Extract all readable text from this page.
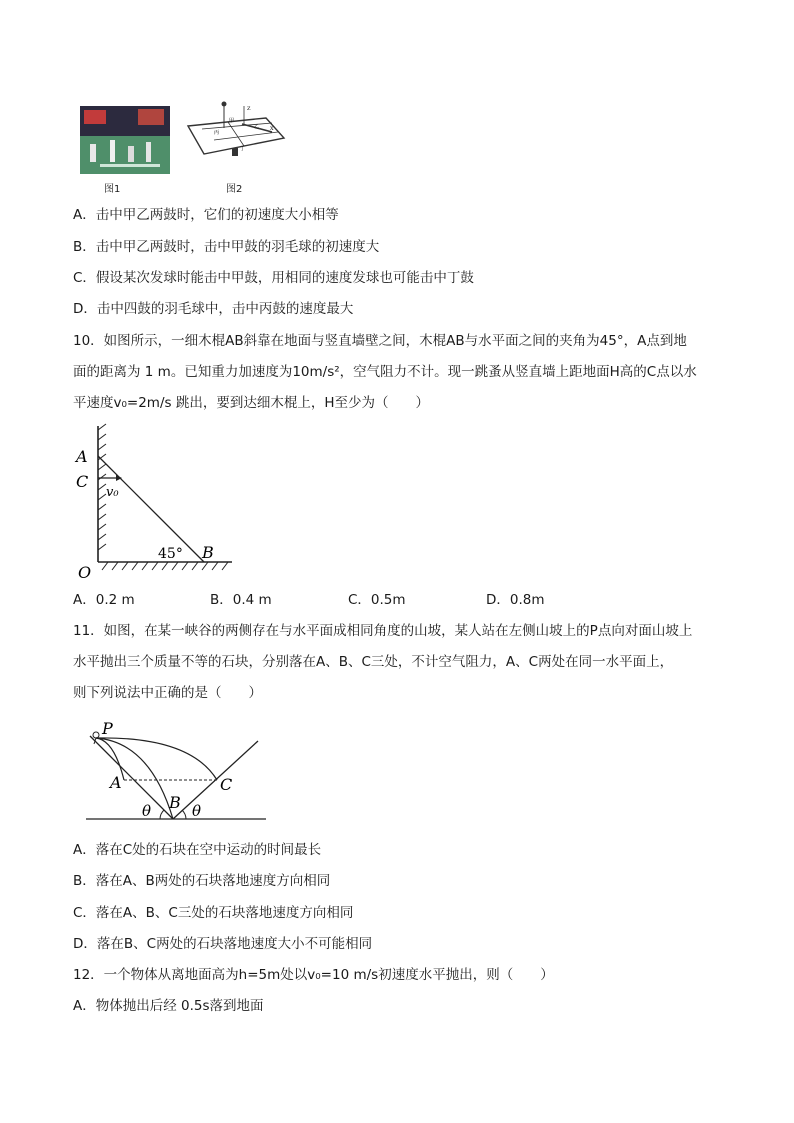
图1
甲
乙
Z
X
丙
丁
图2
A．击中甲乙两鼓时，它们的初速度大小相等
B．击中甲乙两鼓时，击中甲鼓的羽毛球的初速度大
C．假设某次发球时能击中甲鼓，用相同的速度发球也可能击中丁鼓
D．击中四鼓的羽毛球中，击中丙鼓的速度最大
10．如图所示，一细木棍AB斜靠在地面与竖直墙壁之间，木棍AB与水平面之间的夹角为45°，A点到地
面的距离为 1 m。已知重力加速度为10m/s²，空气阻力不计。现一跳蚤从竖直墙上距地面H高的C点以水
平速度v₀=2m/s 跳出，要到达细木棍上，H至少为（　　）
A
C
v₀
45° B
O
A．0.2 m	B．0.4 m	C．0.5m	D．0.8m
11．如图，在某一峡谷的两侧存在与水平面成相同角度的山坡，某人站在左侧山坡上的P点向对面山坡上
水平抛出三个质量不等的石块，分别落在A、B、C三处，不计空气阻力，A、C两处在同一水平面上，
则下列说法中正确的是（　　）
P
A
B
C
θ	θ
A．落在C处的石块在空中运动的时间最长
B．落在A、B两处的石块落地速度方向相同
C．落在A、B、C三处的石块落地速度方向相同
D．落在B、C两处的石块落地速度大小不可能相同
12．一个物体从离地面高为h=5m处以v₀=10 m/s初速度水平抛出，则（　　）
A．物体抛出后经 0.5s落到地面
